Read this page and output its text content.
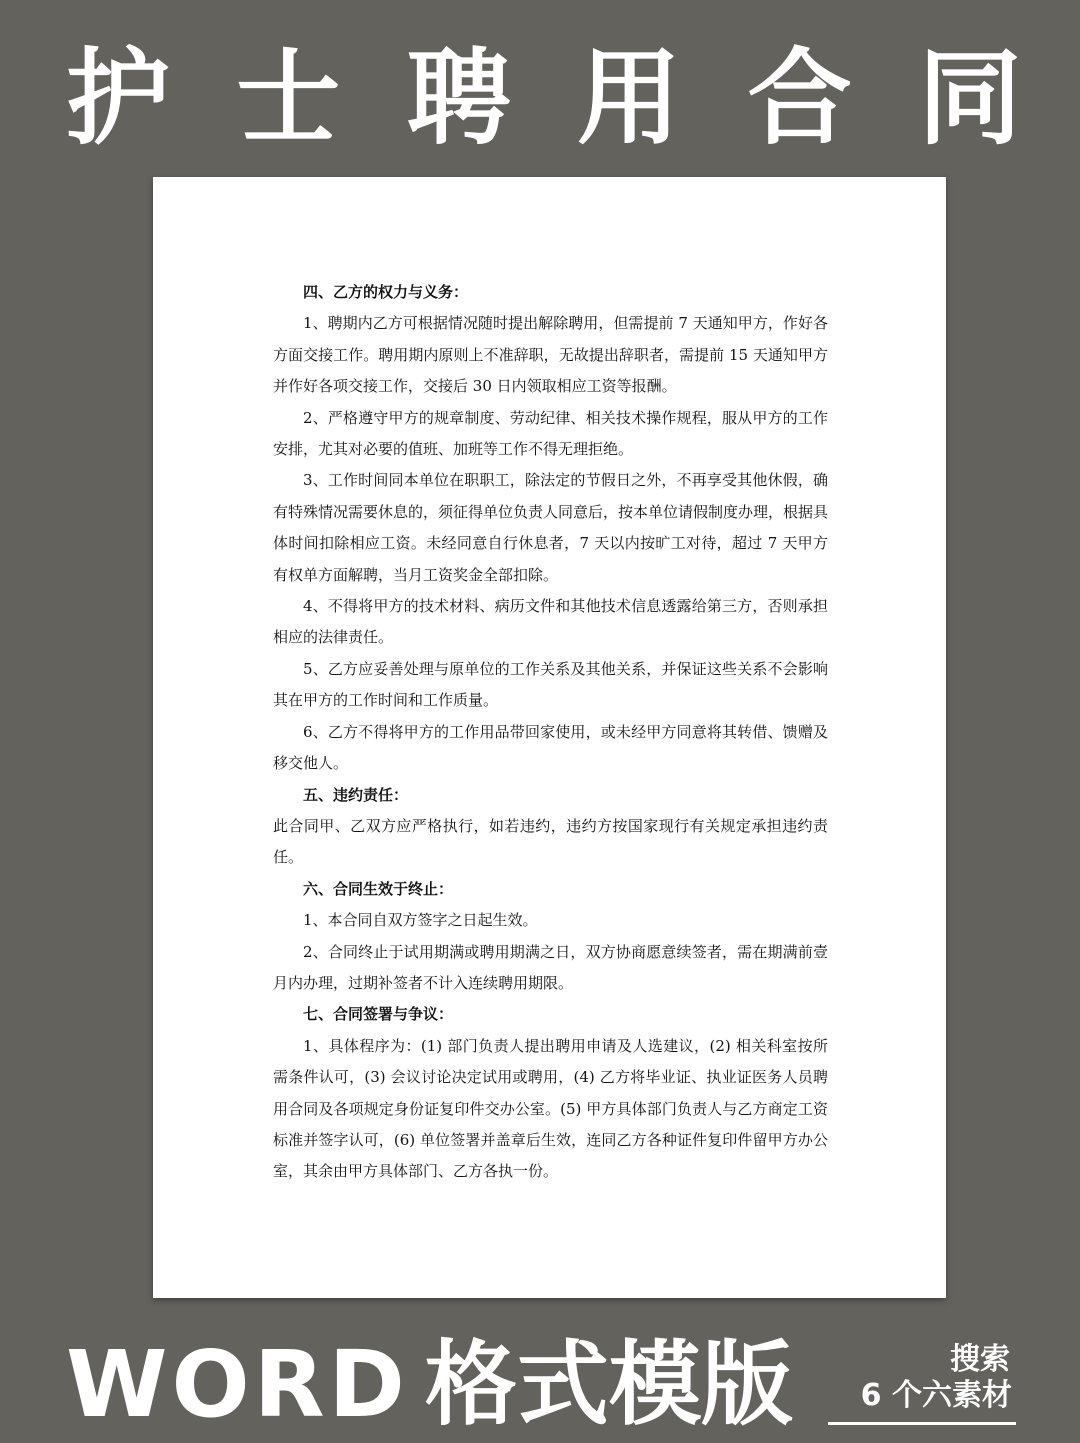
护 士 聘 用 合 同

四、乙方的权力与义务：

1、聘期内乙方可根据情况随时提出解除聘用，但需提前 7 天通知甲方，作好各方面交接工作。聘用期内原则上不准辞职，无故提出辞职者，需提前 15 天通知甲方并作好各项交接工作，交接后 30 日内领取相应工资等报酬。

2、严格遵守甲方的规章制度、劳动纪律、相关技术操作规程，服从甲方的工作安排，尤其对必要的值班、加班等工作不得无理拒绝。

3、工作时间同本单位在职职工，除法定的节假日之外，不再享受其他休假，确有特殊情况需要休息的，须征得单位负责人同意后，按本单位请假制度办理，根据具体时间扣除相应工资。未经同意自行休息者，7 天以内按旷工对待，超过 7 天甲方有权单方面解聘，当月工资奖金全部扣除。

4、不得将甲方的技术材料、病历文件和其他技术信息透露给第三方，否则承担相应的法律责任。

5、乙方应妥善处理与原单位的工作关系及其他关系，并保证这些关系不会影响其在甲方的工作时间和工作质量。

6、乙方不得将甲方的工作用品带回家使用，或未经甲方同意将其转借、馈赠及移交他人。

五、违约责任：

此合同甲、乙双方应严格执行，如若违约，违约方按国家现行有关规定承担违约责任。

六、合同生效于终止：

1、本合同自双方签字之日起生效。

2、合同终止于试用期满或聘用期满之日，双方协商愿意续签者，需在期满前壹月内办理，过期补签者不计入连续聘用期限。

七、合同签署与争议：

1、具体程序为：(1) 部门负责人提出聘用申请及人选建议，(2) 相关科室按所需条件认可，(3) 会议讨论决定试用或聘用，(4) 乙方将毕业证、执业证医务人员聘用合同及各项规定身份证复印件交办公室。(5) 甲方具体部门负责人与乙方商定工资标准并签字认可，(6) 单位签署并盖章后生效，连同乙方各种证件复印件留甲方办公室，其余由甲方具体部门、乙方各执一份。

WORD 格式模版	搜索
6 个六素材
